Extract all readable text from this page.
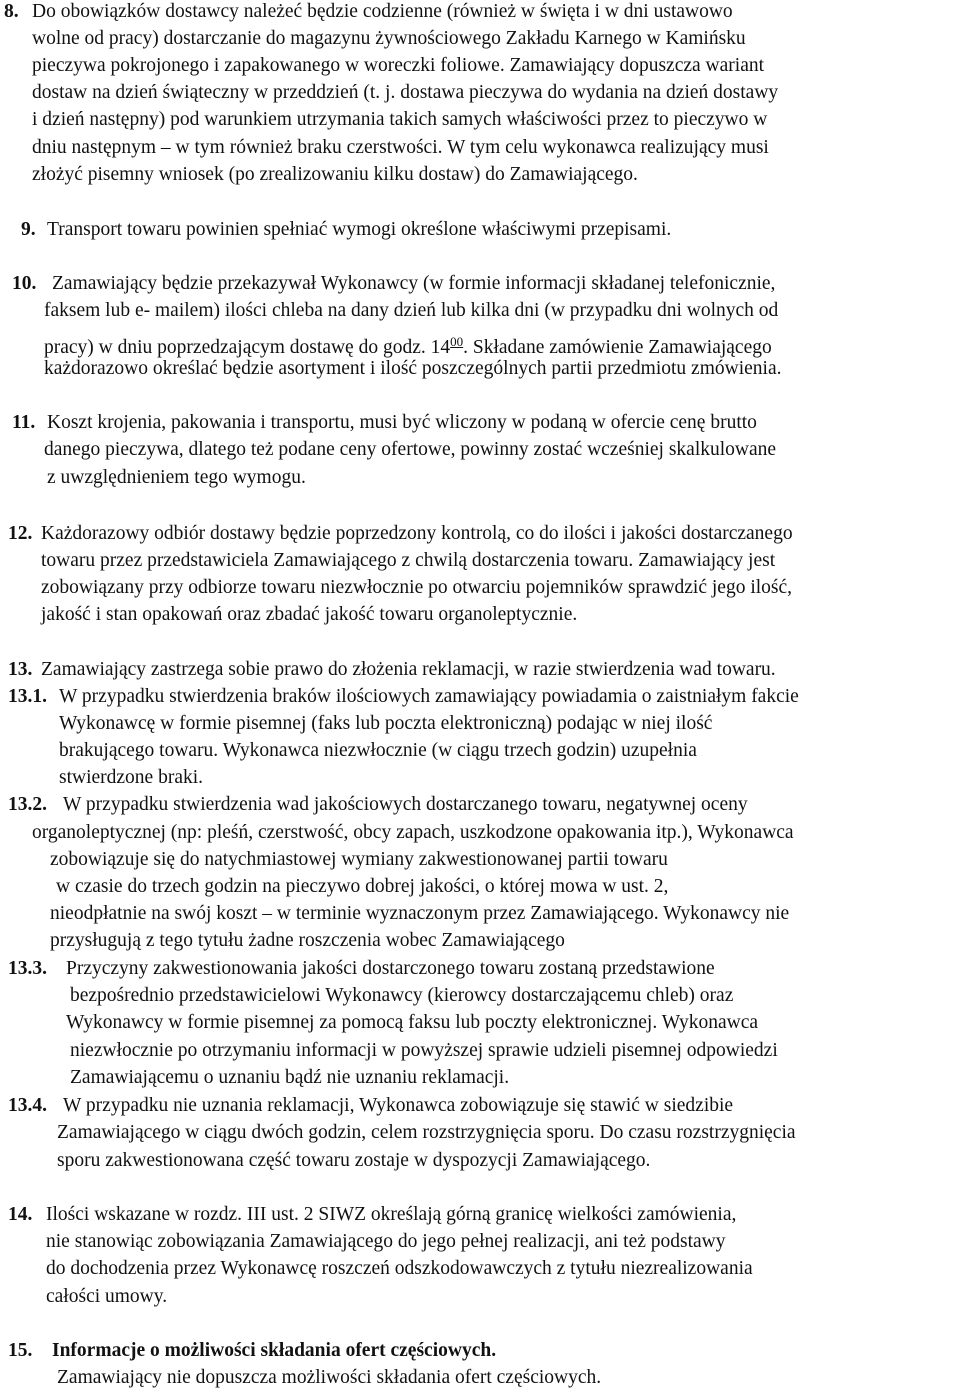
8. Do obowiązków dostawcy należeć będzie codzienne (również w święta i w dni ustawowo
wolne od pracy) dostarczanie do magazynu żywnościowego Zakładu Karnego w Kamińsku
pieczywa pokrojonego i zapakowanego w woreczki foliowe. Zamawiający dopuszcza wariant
dostaw na dzień świąteczny w przeddzień (t. j. dostawa pieczywa do wydania na dzień dostawy
i dzień następny) pod warunkiem utrzymania takich samych właściwości przez to pieczywo w
dniu następnym – w tym również braku czerstwości. W tym celu wykonawca realizujący musi
złożyć pisemny wniosek (po zrealizowaniu kilku dostaw) do Zamawiającego.
9. Transport towaru powinien spełniać wymogi określone właściwymi przepisami.
10. Zamawiający będzie przekazywał Wykonawcy (w formie informacji składanej telefonicznie,
faksem lub e- mailem) ilości chleba na dany dzień lub kilka dni (w przypadku dni wolnych od
pracy) w dniu poprzedzającym dostawę do godz. $14^{00}$. Składane zamówienie Zamawiającego
każdorazowo określać będzie asortyment i ilość poszczególnych partii przedmiotu zmówienia.
11. Koszt krojenia, pakowania i transportu, musi być wliczony w podaną w ofercie cenę brutto
danego pieczywa, dlatego też podane ceny ofertowe, powinny zostać wcześniej skalkulowane
z uwzględnieniem tego wymogu.
12. Każdorazowy odbiór dostawy będzie poprzedzony kontrolą, co do ilości i jakości dostarczanego
towaru przez przedstawiciela Zamawiającego z chwilą dostarczenia towaru. Zamawiający jest
zobowiązany przy odbiorze towaru niezwłocznie po otwarciu pojemników sprawdzić jego ilość,
jakość i stan opakowań oraz zbadać jakość towaru organoleptycznie.
13. Zamawiający zastrzega sobie prawo do złożenia reklamacji, w razie stwierdzenia wad towaru.
13.1. W przypadku stwierdzenia braków ilościowych zamawiający powiadamia o zaistniałym fakcie
Wykonawcę w formie pisemnej (faks lub poczta elektroniczną) podając w niej ilość
brakującego towaru. Wykonawca niezwłocznie (w ciągu trzech godzin) uzupełnia
stwierdzone braki.
13.2. W przypadku stwierdzenia wad jakościowych dostarczanego towaru, negatywnej oceny
organoleptycznej (np: pleśń, czerstwość, obcy zapach, uszkodzone opakowania itp.), Wykonawca
zobowiązuje się do natychmiastowej wymiany zakwestionowanej partii towaru
w czasie do trzech godzin na pieczywo dobrej jakości, o której mowa w ust. 2,
nieodpłatnie na swój koszt – w terminie wyznaczonym przez Zamawiającego. Wykonawcy nie
przysługują z tego tytułu żadne roszczenia wobec Zamawiającego
13.3. Przyczyny zakwestionowania jakości dostarczonego towaru zostaną przedstawione
bezpośrednio przedstawicielowi Wykonawcy (kierowcy dostarczającemu chleb) oraz
Wykonawcy w formie pisemnej za pomocą faksu lub poczty elektronicznej. Wykonawca
niezwłocznie po otrzymaniu informacji w powyższej sprawie udzieli pisemnej odpowiedzi
Zamawiającemu o uznaniu bądź nie uznaniu reklamacji.
13.4. W przypadku nie uznania reklamacji, Wykonawca zobowiązuje się stawić w siedzibie
Zamawiającego w ciągu dwóch godzin, celem rozstrzygnięcia sporu. Do czasu rozstrzygnięcia
sporu zakwestionowana część towaru zostaje w dyspozycji Zamawiającego.
14. Ilości wskazane w rozdz. III ust. 2 SIWZ określają górną granicę wielkości zamówienia,
nie stanowiąc zobowiązania Zamawiającego do jego pełnej realizacji, ani też podstawy
do dochodzenia przez Wykonawcę roszczeń odszkodowawczych z tytułu niezrealizowania
całości umowy.
15. Informacje o możliwości składania ofert częściowych.
Zamawiający nie dopuszcza możliwości składania ofert częściowych.
